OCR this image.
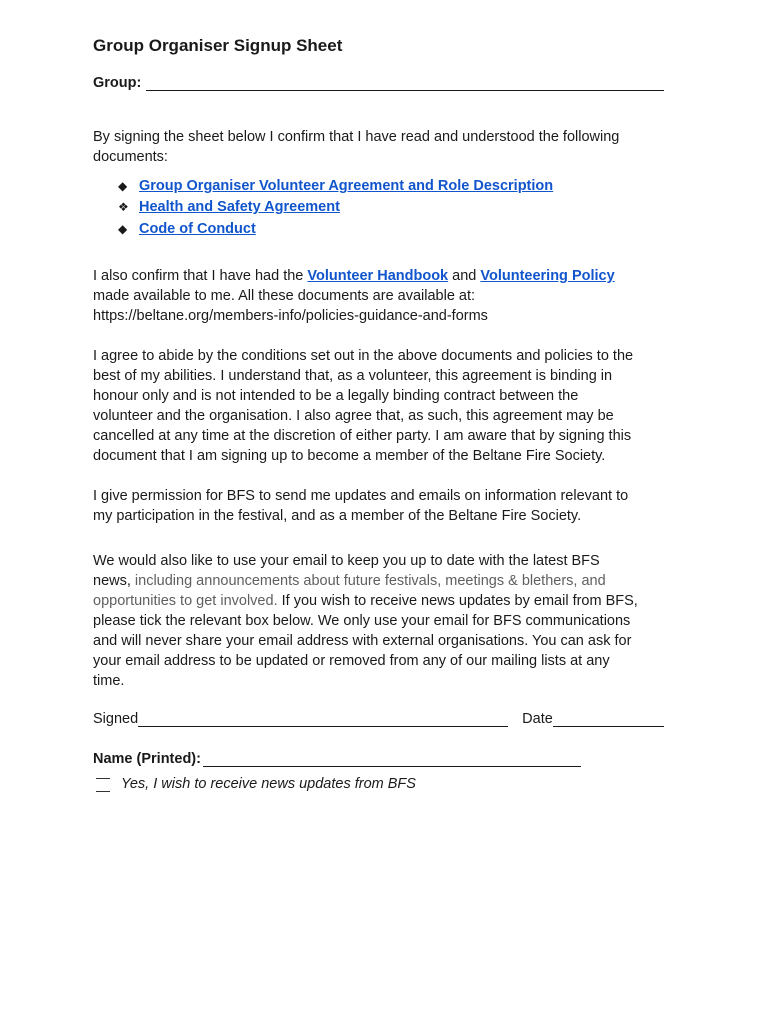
Group Organiser Signup Sheet
Group:
By signing the sheet below I confirm that I have read and understood the following
documents:
◆ Group Organiser Volunteer Agreement and Role Description
❖ Health and Safety Agreement
◆ Code of Conduct
I also confirm that I have had the Volunteer Handbook and Volunteering Policy
made available to me. All these documents are available at:
https://beltane.org/members-info/policies-guidance-and-forms
I agree to abide by the conditions set out in the above documents and policies to the
best of my abilities. I understand that, as a volunteer, this agreement is binding in
honour only and is not intended to be a legally binding contract between the
volunteer and the organisation. I also agree that, as such, this agreement may be
cancelled at any time at the discretion of either party. I am aware that by signing this
document that I am signing up to become a member of the Beltane Fire Society.
I give permission for BFS to send me updates and emails on information relevant to
my participation in the festival, and as a member of the Beltane Fire Society.
We would also like to use your email to keep you up to date with the latest BFS
news, including announcements about future festivals, meetings & blethers, and
opportunities to get involved. If you wish to receive news updates by email from BFS,
please tick the relevant box below. We only use your email for BFS communications
and will never share your email address with external organisations. You can ask for
your email address to be updated or removed from any of our mailing lists at any
time.
Signed	Date
Name (Printed):
Yes, I wish to receive news updates from BFS
